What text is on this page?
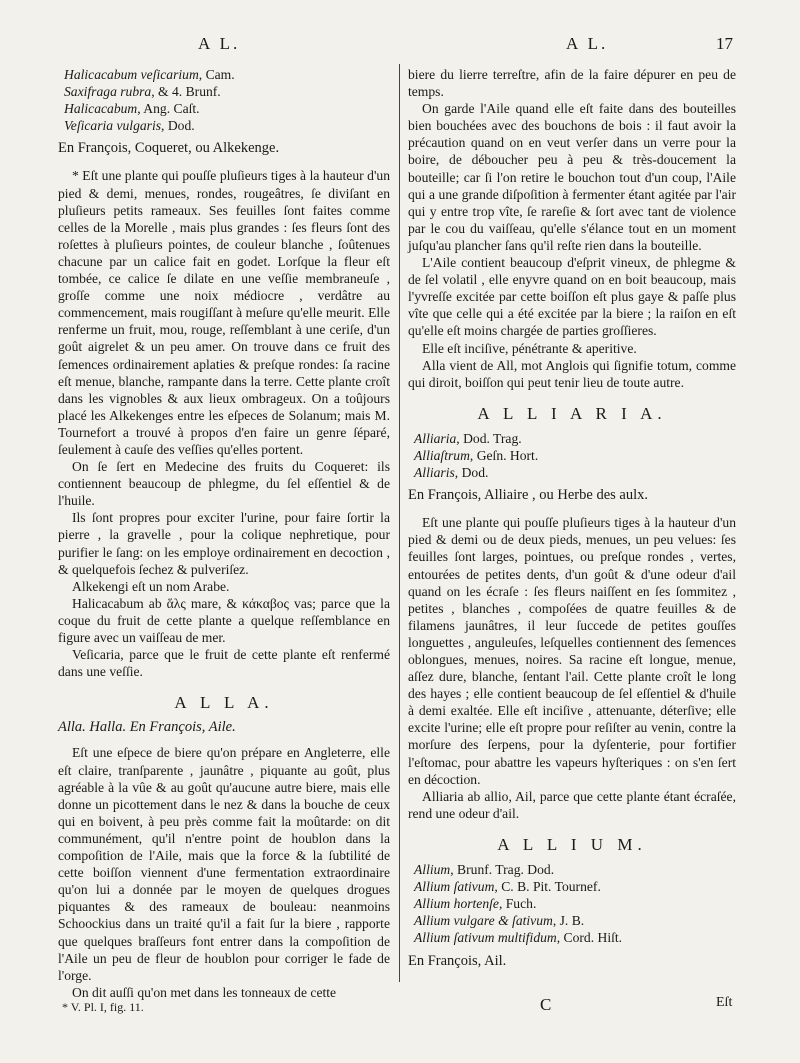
A L.	A L.	17

Halicacabum veſicarium, Cam.

Saxifraga rubra, & 4. Brunf.

Halicacabum, Ang. Caſt.

Veſicaria vulgaris, Dod.

En François, Coqueret, ou Alkekenge.

* Eſt une plante qui pouſſe pluſieurs tiges à la hauteur d'un pied & demi, menues, rondes, rougeâtres, ſe diviſant en pluſieurs petits rameaux. Ses feuilles ſont faites comme celles de la Morelle , mais plus grandes : ſes fleurs ſont des roſettes à pluſieurs pointes, de couleur blanche , ſoûtenues chacune par un calice fait en godet. Lorſque la fleur eſt tombée, ce calice ſe dilate en une veſſie membraneuſe , groſſe comme une noix médiocre , verdâtre au commencement, mais rougiſſant à meſure qu'elle meurit. Elle renferme un fruit, mou, rouge, reſſemblant à une ceriſe, d'un goût aigrelet & un peu amer. On trouve dans ce fruit des ſemences ordinairement aplaties & preſque rondes: ſa racine eſt menue, blanche, rampante dans la terre. Cette plante croît dans les vignobles & aux lieux ombrageux. On a toûjours placé les Alkekenges entre les eſpeces de Solanum; mais M. Tournefort a trouvé à propos d'en faire un genre ſéparé, ſeulement à cauſe des veſſies qu'elles portent.

On ſe ſert en Medecine des fruits du Coqueret: ils contiennent beaucoup de phlegme, du ſel eſſentiel & de l'huile.

Ils ſont propres pour exciter l'urine, pour faire ſortir la pierre , la gravelle , pour la colique nephretique, pour purifier le ſang: on les employe ordinairement en decoction , & quelquefois ſechez & pulveriſez.

Alkekengi eſt un nom Arabe.

Halicacabum ab ἅλς mare, & κάκαβος vas; parce que la coque du fruit de cette plante a quelque reſſemblance en figure avec un vaiſſeau de mer.

Veſicaria, parce que le fruit de cette plante eſt renfermé dans une veſſie.

A L L A.

Alla. Halla. En François, Aile.

Eſt une eſpece de biere qu'on prépare en Angleterre, elle eſt claire, tranſparente , jaunâtre , piquante au goût, plus agréable à la vûe & au goût qu'aucune autre biere, mais elle donne un picottement dans le nez & dans la bouche de ceux qui en boivent, à peu près comme fait la moûtarde: on dit communément, qu'il n'entre point de houblon dans la compoſition de l'Aile, mais que la force & la ſubtilité de cette boiſſon viennent d'une fermentation extraordinaire qu'on lui a donnée par le moyen de quelques drogues piquantes & des rameaux de bouleau: neanmoins Schoockius dans un traité qu'il a fait ſur la biere , rapporte que quelques braſſeurs font entrer dans la compoſition de l'Aile un peu de fleur de houblon pour corriger le fade de l'orge.

On dit auſſi qu'on met dans les tonneaux de cette

biere du lierre terreſtre, afin de la faire dépurer en peu de temps.

On garde l'Aile quand elle eſt faite dans des bouteilles bien bouchées avec des bouchons de bois : il faut avoir la précaution quand on en veut verſer dans un verre pour la boire, de déboucher peu à peu & très-doucement la bouteille; car ſi l'on retire le bouchon tout d'un coup, l'Aile qui a une grande diſpoſition à fermenter étant agitée par l'air qui y entre trop vîte, ſe rareſie & ſort avec tant de violence par le cou du vaiſſeau, qu'elle s'élance tout en un moment juſqu'au plancher ſans qu'il reſte rien dans la bouteille.

L'Aile contient beaucoup d'eſprit vineux, de phlegme & de ſel volatil , elle enyvre quand on en boit beaucoup, mais l'yvreſſe excitée par cette boiſſon eſt plus gaye & paſſe plus vîte que celle qui a été excitée par la biere ; la raiſon en eſt qu'elle eſt moins chargée de parties groſſieres.

Elle eſt inciſive, pénétrante & aperitive.

Alla vient de All, mot Anglois qui ſignifie totum, comme qui diroit, boiſſon qui peut tenir lieu de toute autre.

A L L I A R I A.

Alliaria, Dod. Trag.

Alliaſtrum, Geſn. Hort.

Alliaris, Dod.

En François, Alliaire , ou Herbe des aulx.

Eſt une plante qui pouſſe pluſieurs tiges à la hauteur d'un pied & demi ou de deux pieds, menues, un peu velues: ſes feuilles ſont larges, pointues, ou preſque rondes , vertes, entourées de petites dents, d'un goût & d'une odeur d'ail quand on les écraſe : ſes fleurs naiſſent en ſes ſommitez , petites , blanches , compoſées de quatre feuilles & de filamens jaunâtres, il leur ſuccede de petites gouſſes longuettes , anguleuſes, leſquelles contiennent des ſemences oblongues, menues, noires. Sa racine eſt longue, menue, aſſez dure, blanche, ſentant l'ail. Cette plante croît le long des hayes ; elle contient beaucoup de ſel eſſentiel & d'huile à demi exaltée. Elle eſt inciſive , attenuante, déterſive; elle excite l'urine; elle eſt propre pour reſiſter au venin, contre la morſure des ſerpens, pour la dyſenterie, pour fortifier l'eſtomac, pour abattre les vapeurs hyſteriques : on s'en ſert en décoction.

Alliaria ab allio, Ail, parce que cette plante étant écraſée, rend une odeur d'ail.

A L L I U M.

Allium, Brunf. Trag. Dod.

Allium ſativum, C. B. Pit. Tournef.

Allium hortenſe, Fuch.

Allium vulgare & ſativum, J. B.

Allium ſativum multifidum, Cord. Hiſt.

En François, Ail.

* V. Pl. I, fig. 11.	C	Eſt
